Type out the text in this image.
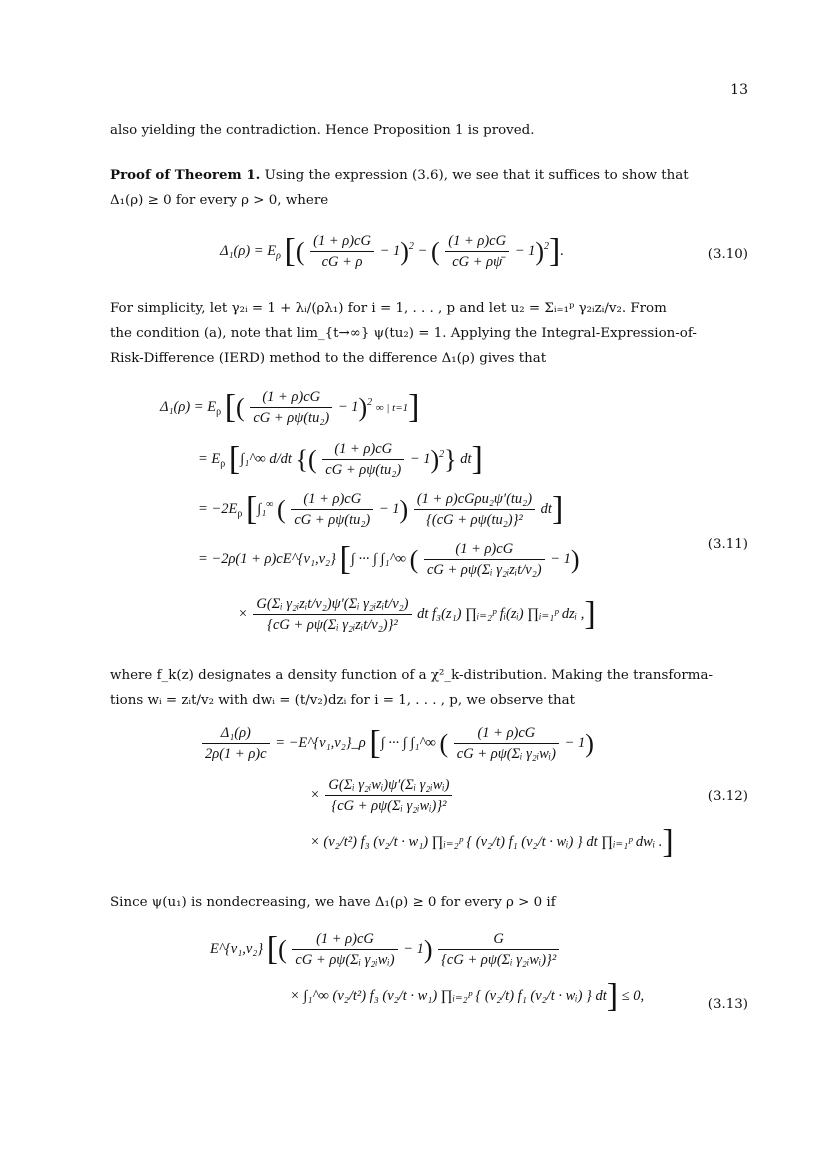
13
also yielding the contradiction. Hence Proposition 1 is proved.
Proof of Theorem 1. Using the expression (3.6), we see that it suffices to show that
Δ₁(ρ) ≥ 0 for every ρ > 0, where
$\Delta_1(\rho) = E_\rho$ [( $\frac{(1 + \rho)cG}{cG + \rho} - 1)^2$ − ( $\frac{(1 + \rho)cG}{cG + \rho\psī} - 1)^2$].	(3.10)
For simplicity, let γ₂ᵢ = 1 + λᵢ/(ρλ₁) for i = 1, . . . , p and let u₂ = Σᵢ₌₁ᵖ γ₂ᵢzᵢ/v₂. From
the condition (a), note that lim_{t→∞} ψ(tu₂) = 1. Applying the Integral-Expression-of-
Risk-Difference (IERD) method to the difference Δ₁(ρ) gives that
$\Delta_1(\rho) = E_\rho$ [( $\frac{(1 + \rho)cG}{\text{cG + ρψ(tu₂)}} - 1)^2$ ∞ | t=1]
= $E_\rho$ [∫₁^∞ d/dt {( $\frac{(1 + \rho)cG}{\text{cG + ρψ(tu₂)}} - 1)^2$} dt]
= $-2E_\rho$ [∫₁∞ ( $\frac{(1 + \rho)cG}{\text{cG + ρψ(tu₂)}} - 1) \frac{\text{(1 + ρ)cGρu₂ψ′(tu₂)}}{\text{\{(cG + ρψ(tu₂)\}²}} dt$]
= −2ρ(1 + ρ)cE^{v₁,v₂} [∫ ··· ∫ ∫₁^∞ ( $\frac{(1 + \rho)cG}{\text{cG + ρψ(Σᵢ γ₂ᵢzᵢt/v₂)}} - 1$)
× $\frac{\text{G(Σᵢ γ₂ᵢzᵢt/v₂)ψ′(Σᵢ γ₂ᵢzᵢt/v₂)}}{\text{\{cG + ρψ(Σᵢ γ₂ᵢzᵢt/v₂)\}²}}$ dt f₃(z₁) ∏ᵢ₌₂ᵖ fᵢ(zᵢ) ∏ᵢ₌₁ᵖ dzᵢ ,]
(3.11)
where f_k(z) designates a density function of a χ²_k-distribution. Making the transforma-
tions wᵢ = zᵢt/v₂ with dwᵢ = (t/v₂)dzᵢ for i = 1, . . . , p, we observe that
$\frac{\text{Δ₁(ρ)}}{2\rho(1 + \rho)c}$ = −E^{v₁,v₂}_ρ [∫ ··· ∫ ∫₁^∞ ( $\frac{(1 + \rho)cG}{\text{cG + ρψ(Σᵢ γ₂ᵢwᵢ)}} - 1$)
× $\frac{\text{G(Σᵢ γ₂ᵢwᵢ)ψ′(Σᵢ γ₂ᵢwᵢ)}}{\text{\{cG + ρψ(Σᵢ γ₂ᵢwᵢ)\}²}}$
× (v₂/t²) f₃ (v₂/t · w₁) ∏ᵢ₌₂ᵖ { (v₂/t) f₁ (v₂/t · wᵢ) } dt ∏ᵢ₌₁ᵖ dwᵢ .]
(3.12)
Since ψ(u₁) is nondecreasing, we have Δ₁(ρ) ≥ 0 for every ρ > 0 if
E^{v₁,v₂} [( $\frac{(1 + \rho)cG}{\text{cG + ρψ(Σᵢ γ₂ᵢwᵢ)}} - 1) \frac{G}{\text{\{cG + ρψ(Σᵢ γ₂ᵢwᵢ)\}²}}$
× ∫₁^∞ (v₂/t²) f₃ (v₂/t · w₁) ∏ᵢ₌₂ᵖ { (v₂/t) f₁ (v₂/t · wᵢ) } dt] ≤ 0,
(3.13)
